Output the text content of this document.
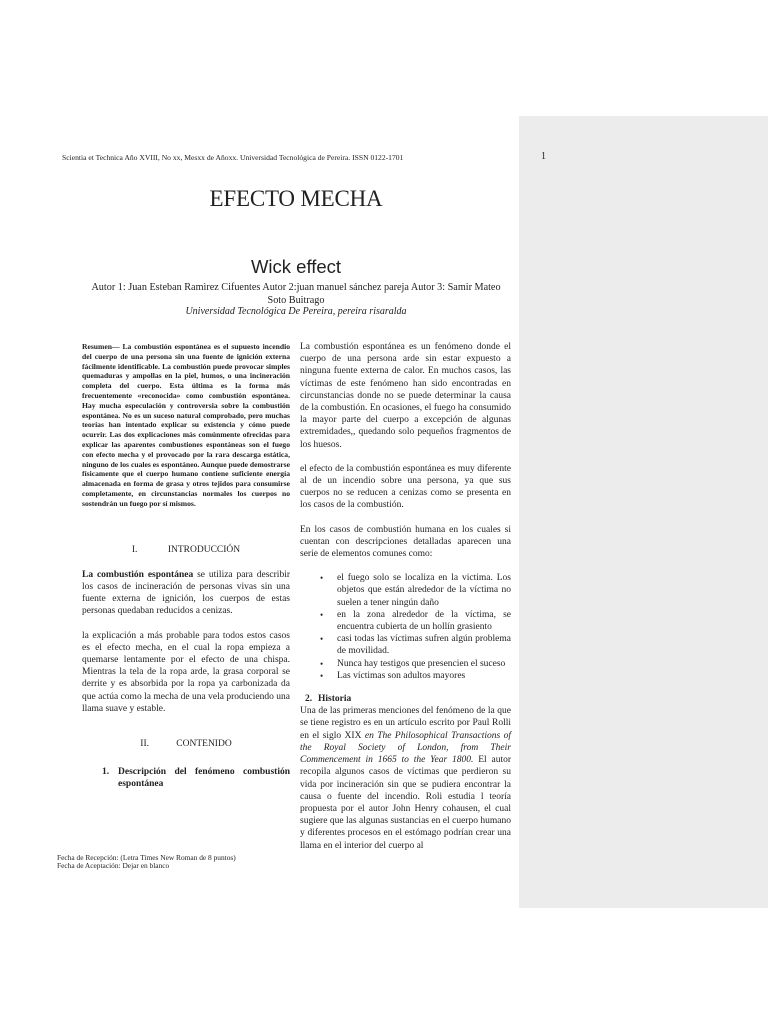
Scientia et Technica Año XVIII, No xx, Mesxx de Añoxx. Universidad Tecnológica de Pereira. ISSN 0122-1701	1
EFECTO MECHA
Wick effect
Autor 1: Juan Esteban Ramìrez Cifuentes Autor 2:juan manuel sánchez pareja Autor 3: Samir Mateo Soto Buitrago
Universidad Tecnológica De Pereira, pereira risaralda

Resumen— La combustión espontánea es el supuesto incendio del cuerpo de una persona sin una fuente de ignición externa fácilmente identificable. La combustión puede provocar simples quemaduras y ampollas en la piel, humos, o una incineración completa del cuerpo. Esta última es la forma más frecuentemente «reconocida» como combustión espontánea. Hay mucha especulación y controversia sobre la combustión espontánea. No es un suceso natural comprobado, pero muchas teorías han intentado explicar su existencia y cómo puede ocurrir. Las dos explicaciones más comúnmente ofrecidas para explicar las aparentes combustiones espontáneas son el fuego con efecto mecha y el provocado por la rara descarga estática, ninguno de los cuales es espontáneo. Aunque puede demostrarse físicamente que el cuerpo humano contiene suficiente energía almacenada en forma de grasa y otros tejidos para consumirse completamente, en circunstancias normales los cuerpos no sostendrán un fuego por sí mismos.

I.	INTRODUCCIÓN

La combustión espontánea se utiliza para describir los casos de incineración de personas vivas sin una fuente externa de ignición, los cuerpos de estas personas quedaban reducidos a cenizas.

la explicación a más probable para todos estos casos es el efecto mecha, en el cual la ropa empieza a quemarse lentamente por el efecto de una chispa. Mientras la tela de la ropa arde, la grasa corporal se derrite y es absorbida por la ropa ya carbonizada da que actúa como la mecha de una vela produciendo una llama suave y estable.

II.	CONTENIDO

1. Descripción del fenómeno combustión espontánea

La combustión espontánea es un fenómeno donde el cuerpo de una persona arde sin estar expuesto a ninguna fuente externa de calor. En muchos casos, las víctimas de este fenómeno han sido encontradas en circunstancias donde no se puede determinar la causa de la combustión. En ocasiones, el fuego ha consumido la mayor parte del cuerpo a excepción de algunas extremidades,, quedando solo pequeños fragmentos de los huesos.

el efecto de la combustión espontánea es muy diferente al de un incendio sobre una persona, ya que sus cuerpos no se reducen a cenizas como se presenta en los casos de la combustión.

En los casos de combustión humana en los cuales si cuentan con descripciones detalladas aparecen una serie de elementos comunes como:

• el fuego solo se localiza en la victima. Los objetos que están alrededor de la víctima no suelen a tener ningún daño
• en la zona alrededor de la víctima, se encuentra cubierta de un hollín grasiento
• casi todas las víctimas sufren algún problema de movilidad.
• Nunca hay testigos que presencien el suceso
• Las víctimas son adultos mayores

2. Historia

Una de las primeras menciones del fenómeno de la que se tiene registro es en un artículo escrito por Paul Rolli en el siglo XIX en The Philosophical Transactions of the Royal Society of London, from Their Commencement in 1665 to the Year 1800. El autor recopila algunos casos de víctimas que perdieron su vida por incineración sin que se pudiera encontrar la causa o fuente del incendio. Roli estudia l teoría propuesta por el autor John Henry cohausen, el cual sugiere que las algunas sustancias en el cuerpo humano y diferentes procesos en el estómago podrían crear una llama en el interior del cuerpo al

Fecha de Recepción: (Letra Times New Roman de 8 puntos)
Fecha de Aceptación: Dejar en blanco
